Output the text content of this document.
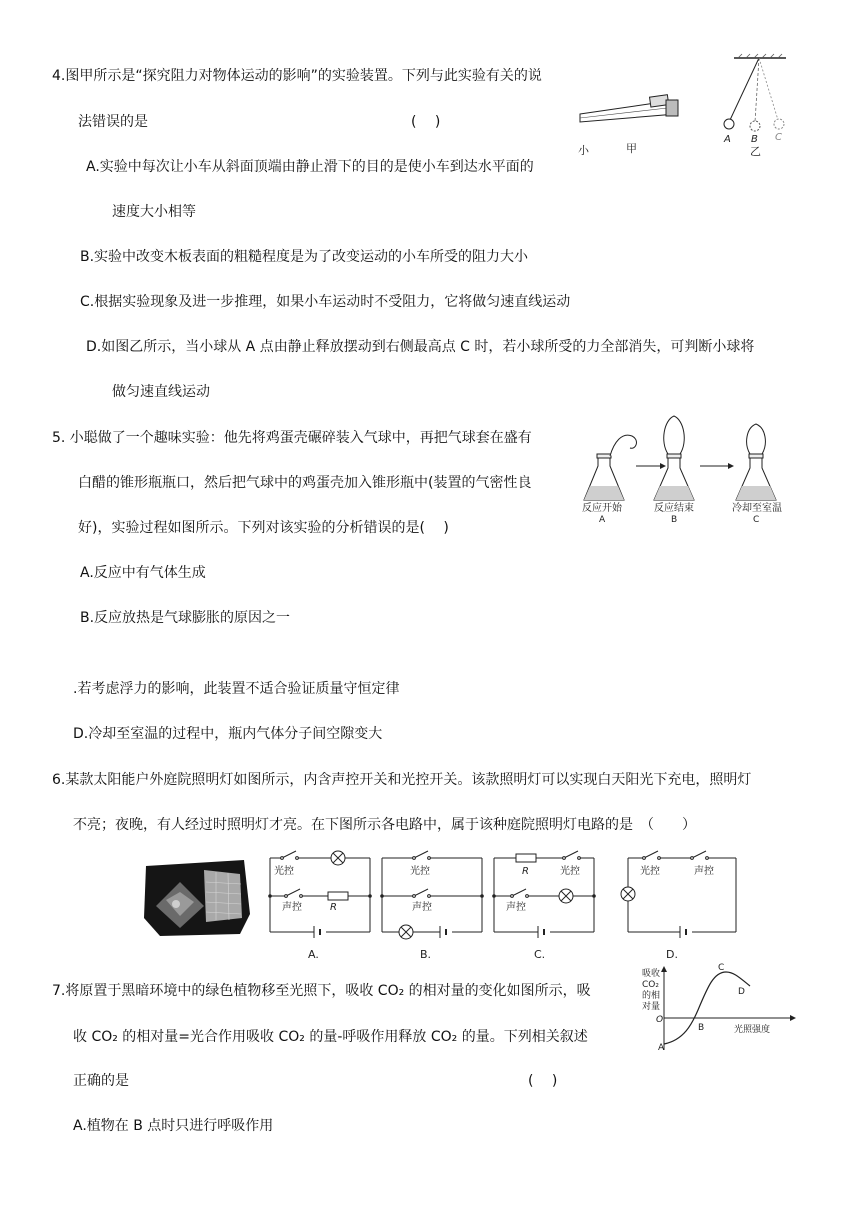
4.图甲所示是“探究阻力对物体运动的影响”的实验装置。下列与此实验有关的说
法错误的是	(　 )
小	甲
A B C
乙
A.实验中每次让小车从斜面顶端由静止滑下的目的是使小车到达水平面的
速度大小相等
B.实验中改变木板表面的粗糙程度是为了改变运动的小车所受的阻力大小
C.根据实验现象及进一步推理，如果小车运动时不受阻力，它将做匀速直线运动
D.如图乙所示，当小球从 A 点由静止释放摆动到右侧最高点 C 时，若小球所受的力全部消失，可判断小球将
做匀速直线运动
5. 小聪做了一个趣味实验：他先将鸡蛋壳碾碎装入气球中，再把气球套在盛有
白醋的锥形瓶瓶口，然后把气球中的鸡蛋壳加入锥形瓶中(装置的气密性良
好)，实验过程如图所示。下列对该实验的分析错误的是(　 )
反应开始	反应结束	冷却至室温
A	B	C
A.反应中有气体生成
B.反应放热是气球膨胀的原因之一
.若考虑浮力的影响，此装置不适合验证质量守恒定律
D.冷却至室温的过程中，瓶内气体分子间空隙变大
6.某款太阳能户外庭院照明灯如图所示，内含声控开关和光控开关。该款照明灯可以实现白天阳光下充电，照明灯
不亮；夜晚，有人经过时照明灯才亮。在下图所示各电路中，属于该种庭院照明灯电路的是　（　　）
光控
声控	R
A.
光控
声控
B.
R	光控
声控
C.
光控	声控
D.
7.将原置于黑暗环境中的绿色植物移至光照下，吸收 CO₂ 的相对量的变化如图所示，吸
收 CO₂ 的相对量=光合作用吸收 CO₂ 的量-呼吸作用释放 CO₂ 的量。下列相关叙述
正确的是	(　 )
吸收
CO₂
的相
对量
O
光照强度
A
B
C
D
A.植物在 B 点时只进行呼吸作用
